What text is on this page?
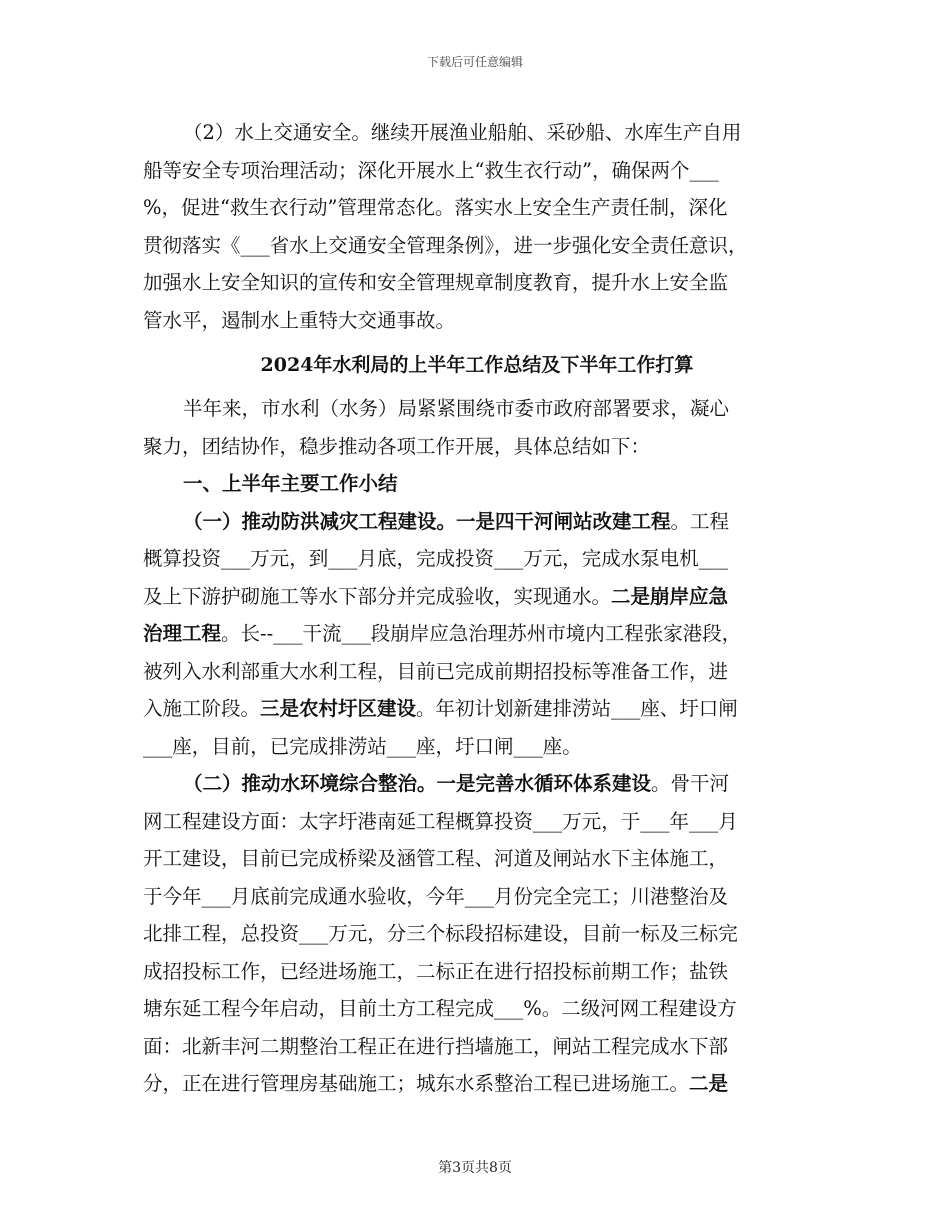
下载后可任意编辑

（2）水上交通安全。继续开展渔业船舶、采砂船、水库生产自用
船等安全专项治理活动；深化开展水上“救生衣行动”，确保两个___
%，促进“救生衣行动”管理常态化。落实水上安全生产责任制，深化
贯彻落实《___省水上交通安全管理条例》，进一步强化安全责任意识，
加强水上安全知识的宣传和安全管理规章制度教育，提升水上安全监
管水平，遏制水上重特大交通事故。

2024年水利局的上半年工作总结及下半年工作打算

半年来，市水利（水务）局紧紧围绕市委市政府部署要求，凝心
聚力，团结协作，稳步推动各项工作开展，具体总结如下：

一、上半年主要工作小结

（一）推动防洪减灾工程建设。一是四干河闸站改建工程。工程
概算投资___万元，到___月底，完成投资___万元，完成水泵电机___
及上下游护砌施工等水下部分并完成验收，实现通水。二是崩岸应急
治理工程。长--___干流___段崩岸应急治理苏州市境内工程张家港段，
被列入水利部重大水利工程，目前已完成前期招投标等准备工作，进
入施工阶段。三是农村圩区建设。年初计划新建排涝站___座、圩口闸
___座，目前，已完成排涝站___座，圩口闸___座。

（二）推动水环境综合整治。一是完善水循环体系建设。骨干河
网工程建设方面：太字圩港南延工程概算投资___万元，于___年___月
开工建设，目前已完成桥梁及涵管工程、河道及闸站水下主体施工，
于今年___月底前完成通水验收，今年___月份完全完工；川港整治及
北排工程，总投资___万元，分三个标段招标建设，目前一标及三标完
成招投标工作，已经进场施工，二标正在进行招投标前期工作；盐铁
塘东延工程今年启动，目前土方工程完成___%。二级河网工程建设方
面：北新丰河二期整治工程正在进行挡墙施工，闸站工程完成水下部
分，正在进行管理房基础施工；城东水系整治工程已进场施工。二是

第3页共8页
